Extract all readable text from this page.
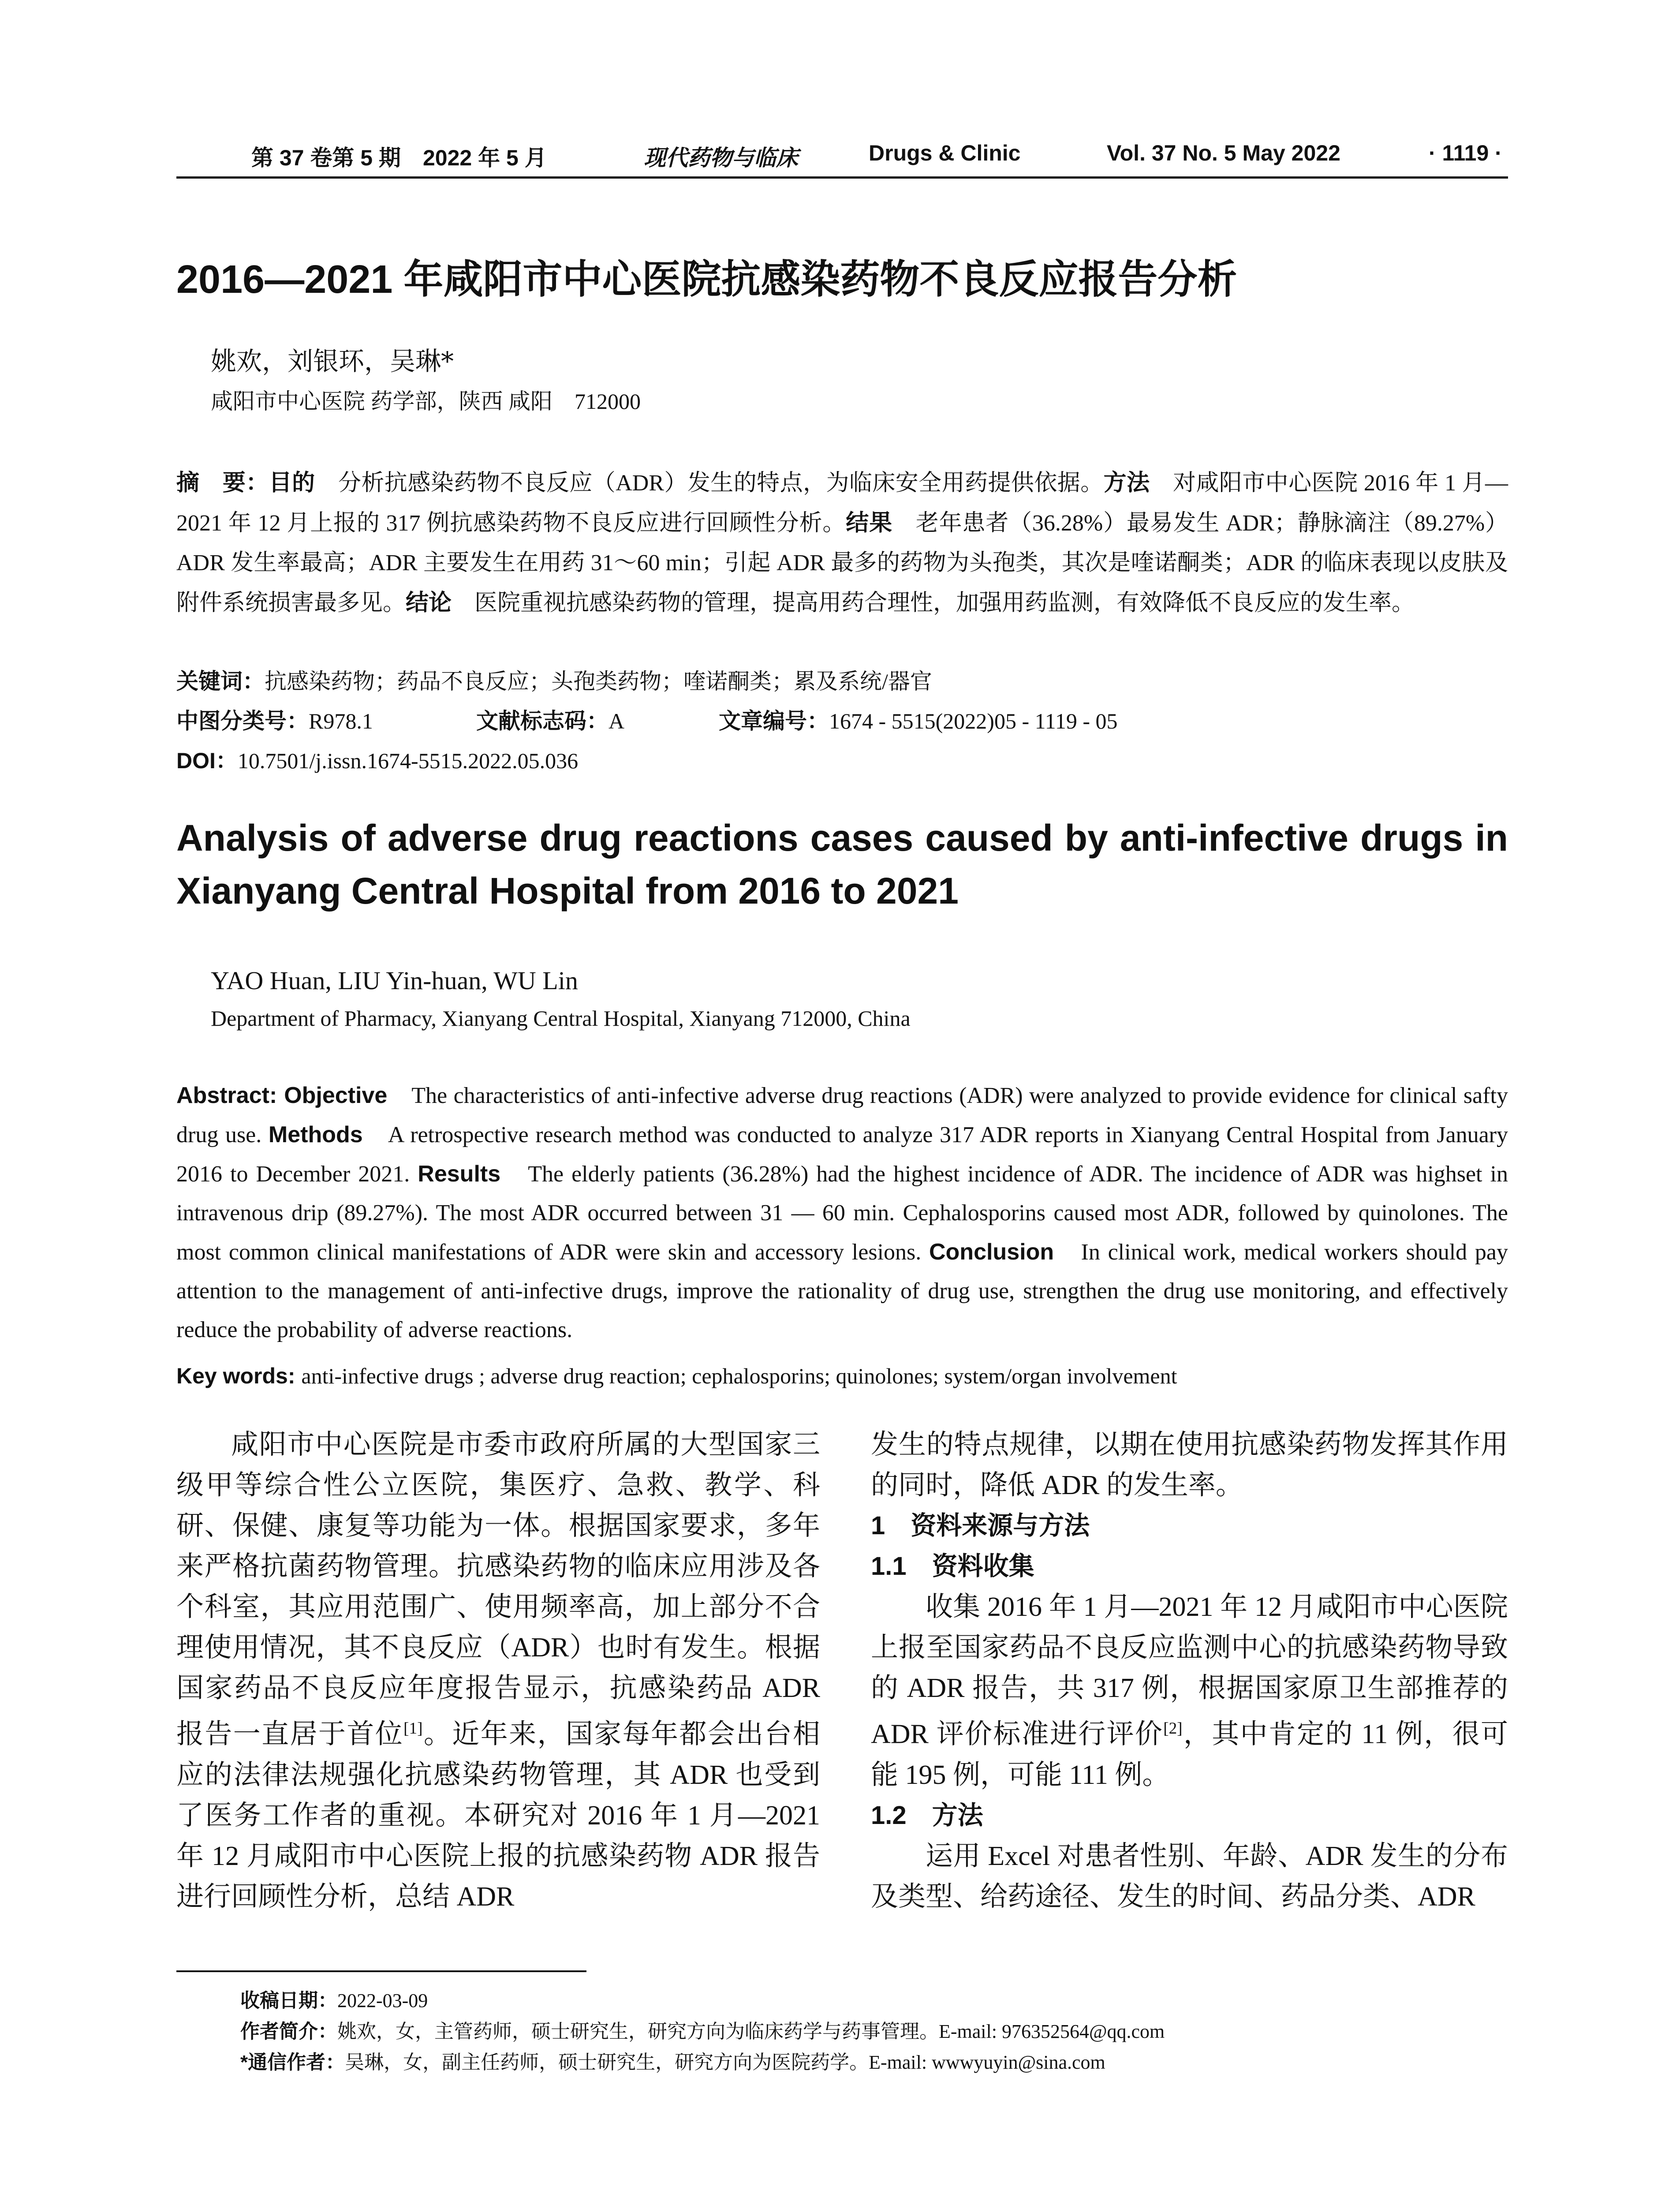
第 37 卷第 5 期　2022 年 5 月	现代药物与临床	Drugs & Clinic	Vol. 37 No. 5 May 2022	· 1119 ·
2016—2021 年咸阳市中心医院抗感染药物不良反应报告分析
姚欢，刘银环，吴琳*
咸阳市中心医院 药学部，陕西 咸阳　712000
摘　要：目的　分析抗感染药物不良反应（ADR）发生的特点，为临床安全用药提供依据。方法　对咸阳市中心医院 2016 年 1 月—2021 年 12 月上报的 317 例抗感染药物不良反应进行回顾性分析。结果　老年患者（36.28%）最易发生 ADR；静脉滴注（89.27%）ADR 发生率最高；ADR 主要发生在用药 31～60 min；引起 ADR 最多的药物为头孢类，其次是喹诺酮类；ADR 的临床表现以皮肤及附件系统损害最多见。结论　医院重视抗感染药物的管理，提高用药合理性，加强用药监测，有效降低不良反应的发生率。
关键词：抗感染药物；药品不良反应；头孢类药物；喹诺酮类；累及系统/器官
中图分类号：R978.1	文献标志码：A	文章编号：1674 - 5515(2022)05 - 1119 - 05
DOI：10.7501/j.issn.1674-5515.2022.05.036
Analysis of adverse drug reactions cases caused by anti-infective drugs in Xianyang Central Hospital from 2016 to 2021
YAO Huan, LIU Yin-huan, WU Lin
Department of Pharmacy, Xianyang Central Hospital, Xianyang 712000, China
Abstract: Objective　The characteristics of anti-infective adverse drug reactions (ADR) were analyzed to provide evidence for clinical safty drug use. Methods　A retrospective research method was conducted to analyze 317 ADR reports in Xianyang Central Hospital from January 2016 to December 2021. Results　The elderly patients (36.28%) had the highest incidence of ADR. The incidence of ADR was highset in intravenous drip (89.27%). The most ADR occurred between 31 — 60 min. Cephalosporins caused most ADR, followed by quinolones. The most common clinical manifestations of ADR were skin and accessory lesions. Conclusion　In clinical work, medical workers should pay attention to the management of anti-infective drugs, improve the rationality of drug use, strengthen the drug use monitoring, and effectively reduce the probability of adverse reactions.
Key words: anti-infective drugs ; adverse drug reaction; cephalosporins; quinolones; system/organ involvement
咸阳市中心医院是市委市政府所属的大型国家三级甲等综合性公立医院，集医疗、急救、教学、科研、保健、康复等功能为一体。根据国家要求，多年来严格抗菌药物管理。抗感染药物的临床应用涉及各个科室，其应用范围广、使用频率高，加上部分不合理使用情况，其不良反应（ADR）也时有发生。根据国家药品不良反应年度报告显示，抗感染药品 ADR 报告一直居于首位[1]。近年来，国家每年都会出台相应的法律法规强化抗感染药物管理，其 ADR 也受到了医务工作者的重视。本研究对 2016 年 1 月—2021 年 12 月咸阳市中心医院上报的抗感染药物 ADR 报告进行回顾性分析，总结 ADR
发生的特点规律，以期在使用抗感染药物发挥其作用的同时，降低 ADR 的发生率。
1　资料来源与方法
1.1　资料收集
收集 2016 年 1 月—2021 年 12 月咸阳市中心医院上报至国家药品不良反应监测中心的抗感染药物导致的 ADR 报告，共 317 例，根据国家原卫生部推荐的 ADR 评价标准进行评价[2]，其中肯定的 11 例，很可能 195 例，可能 111 例。
1.2　方法
运用 Excel 对患者性别、年龄、ADR 发生的分布及类型、给药途径、发生的时间、药品分类、ADR
收稿日期：2022-03-09
作者简介：姚欢，女，主管药师，硕士研究生，研究方向为临床药学与药事管理。E-mail: 976352564@qq.com
*通信作者：吴琳，女，副主任药师，硕士研究生，研究方向为医院药学。E-mail: wwwyuyin@sina.com
